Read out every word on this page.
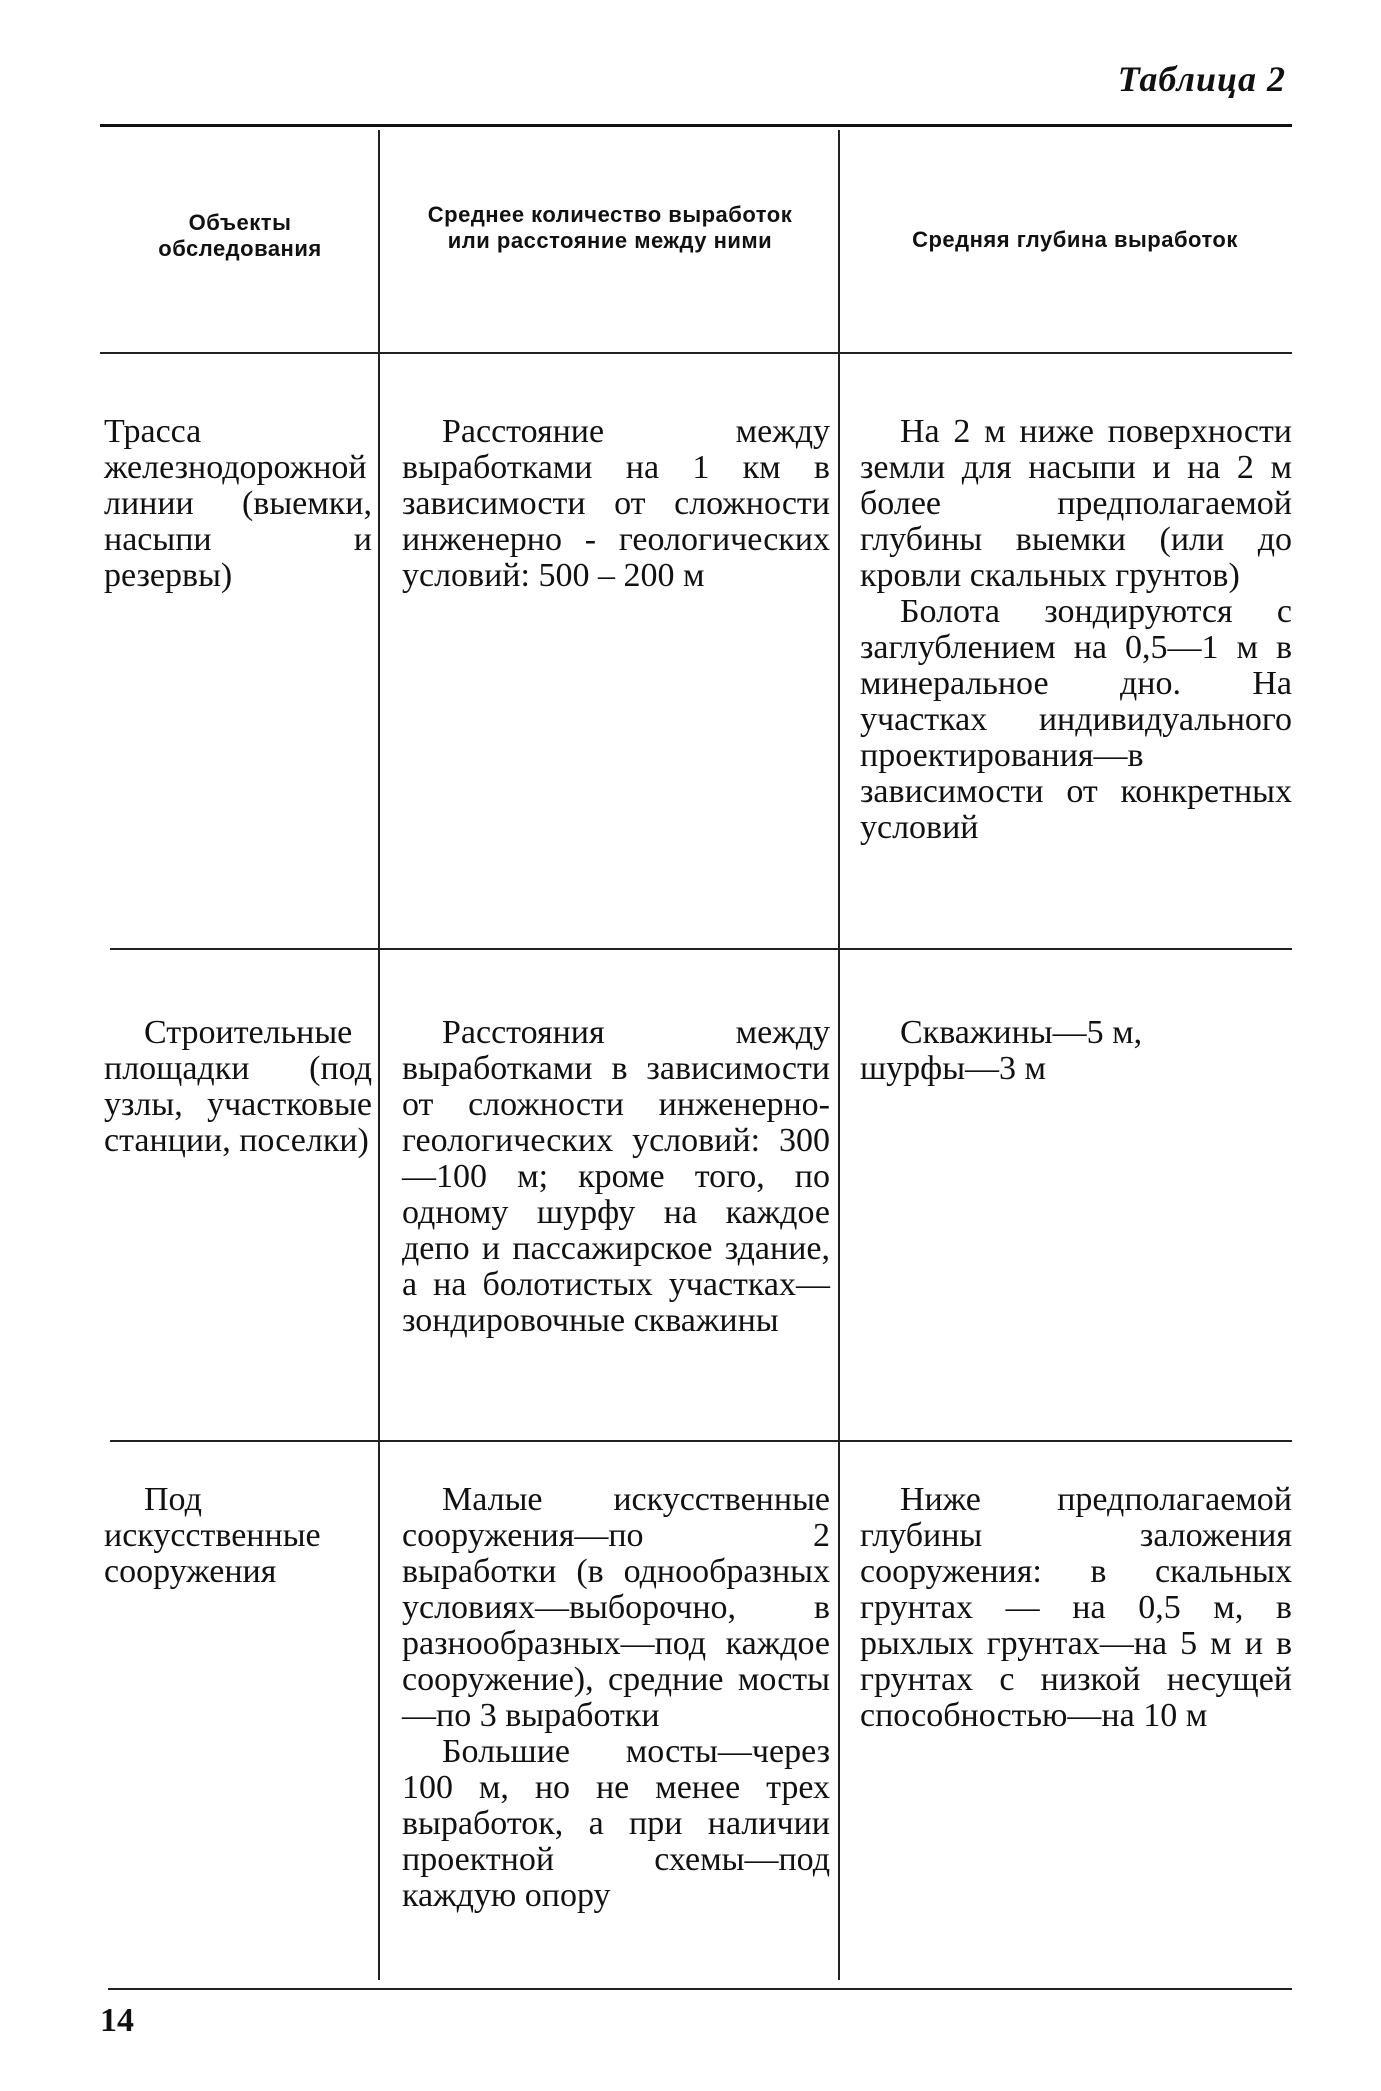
Таблица 2
Объекты обследования
Среднее количество выработок или расстояние между ними	Средняя глубина выработок

Трасса железнодорожной линии (выемки, насыпи и резервы)

Расстояние между выработками на 1 км в зависимости от сложности инженерно - геологических условий: 500 – 200 м

На 2 м ниже поверхности земли для насыпи и на 2 м более предполагаемой глубины выемки (или до кровли скальных грунтов)

Болота зондируются с заглублением на 0,5—1 м в минеральное дно. На участках индивидуального проектирования—в зависимости от конкретных условий

Строительные площадки (под узлы, участковые станции, поселки)

Расстояния между выработками в зависимости от сложности инженерно-геологических условий: 300—100 м; кроме того, по одному шурфу на каждое депо и пассажирское здание, а на болотистых участках—зондировочные скважины

Скважины—5 м, шурфы—3 м

Под искусственные сооружения

Малые искусственные сооружения—по 2 выработки (в однообразных условиях—выборочно, в разнообразных—под каждое сооружение), средние мосты—по 3 выработки

Большие мосты—через 100 м, но не менее трех выработок, а при наличии проектной схемы—под каждую опору

Ниже предполагаемой глубины заложения сооружения: в скальных грунтах — на 0,5 м, в рыхлых грунтах—на 5 м и в грунтах с низкой несущей способностью—на 10 м

14
